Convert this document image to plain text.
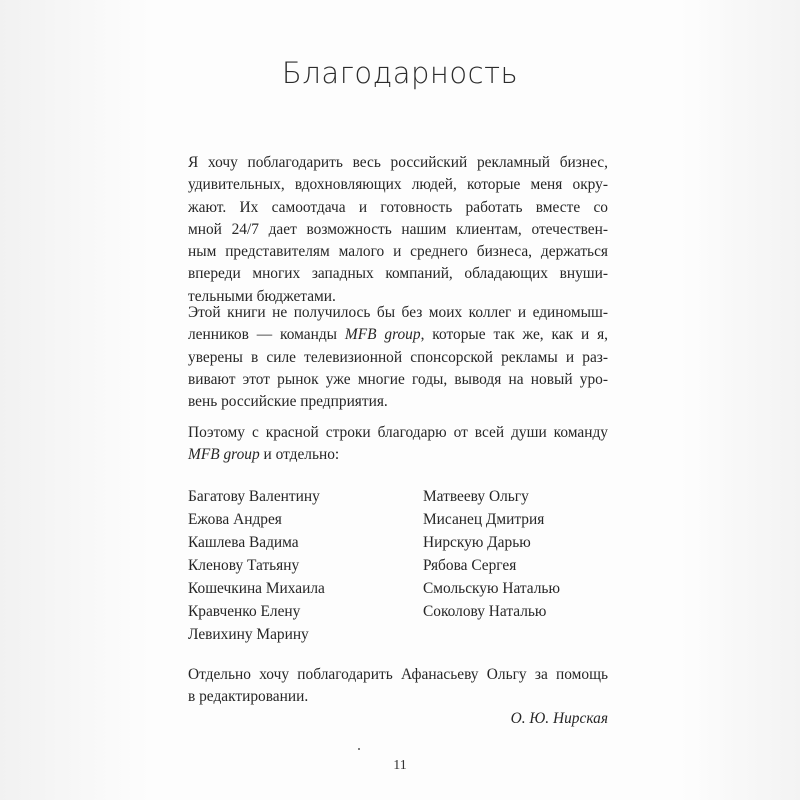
Благодарность

Я хочу поблагодарить весь российский рекламный бизнес,
удивительных, вдохновляющих людей, которые меня окру-
жают. Их самоотдача и готовность работать вместе со
мной 24/7 дает возможность нашим клиентам, отечествен-
ным представителям малого и среднего бизнеса, держаться
впереди многих западных компаний, обладающих внуши-
тельными бюджетами.

Этой книги не получилось бы без моих коллег и единомыш-
ленников — команды MFB group, которые так же, как и я,
уверены в силе телевизионной спонсорской рекламы и раз-
вивают этот рынок уже многие годы, выводя на новый уро-
вень российские предприятия.

Поэтому с красной строки благодарю от всей души команду
MFB group и отдельно:

Багатову Валентину
Ежова Андрея
Кашлева Вадима
Кленову Татьяну
Кошечкина Михаила
Кравченко Елену
Левихину Марину
Матвееву Ольгу
Мисанец Дмитрия
Нирскую Дарью
Рябова Сергея
Смольскую Наталью
Соколову Наталью

Отдельно хочу поблагодарить Афанасьеву Ольгу за помощь
в редактировании.

О. Ю. Нирская
11
